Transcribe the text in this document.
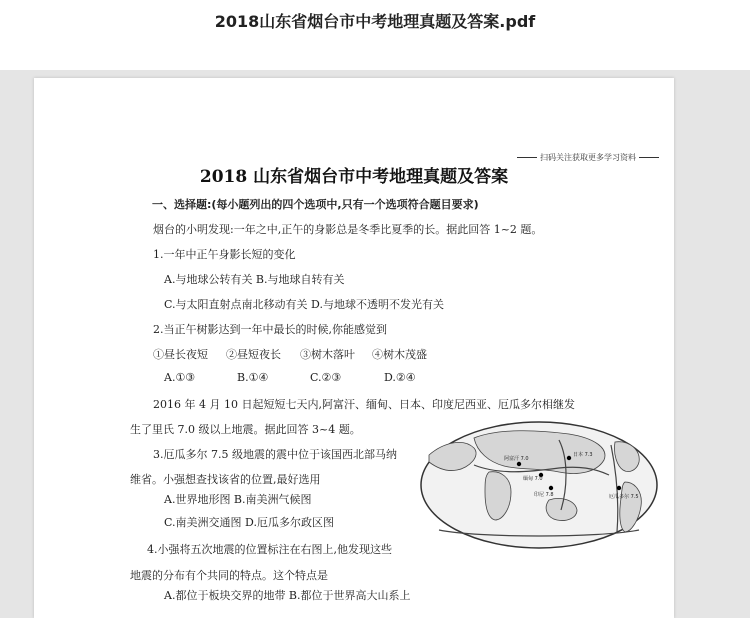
2018山东省烟台市中考地理真题及答案.pdf
扫码关注获取更多学习资料
2018 山东省烟台市中考地理真题及答案
一、选择题:(每小题列出的四个选项中,只有一个选项符合题目要求)
烟台的小明发现:一年之中,正午的身影总是冬季比夏季的长。据此回答 1~2 题。
1.一年中正午身影长短的变化
A.与地球公转有关 B.与地球自转有关
C.与太阳直射点南北移动有关 D.与地球不透明不发光有关
2.当正午树影达到一年中最长的时候,你能感觉到
①昼长夜短 ②昼短夜长 ③树木落叶 ④树木茂盛
A.①③	B.①④	C.②③	D.②④
2016 年 4 月 10 日起短短七天内,阿富汗、缅甸、日本、印度尼西亚、厄瓜多尔相继发
生了里氏 7.0 级以上地震。据此回答 3~4 题。
3.厄瓜多尔 7.5 级地震的震中位于该国西北部马纳
维省。小强想查找该省的位置,最好选用
A.世界地形图 B.南美洲气候图
C.南美洲交通图 D.厄瓜多尔政区图
4.小强将五次地震的位置标注在右图上,他发现这些
地震的分布有个共同的特点。这个特点是
A.都位于板块交界的地带 B.都位于世界高大山系上
阿富汗 7.0
日本 7.3
缅甸 7.0
印尼 7.8	厄瓜多尔 7.5
